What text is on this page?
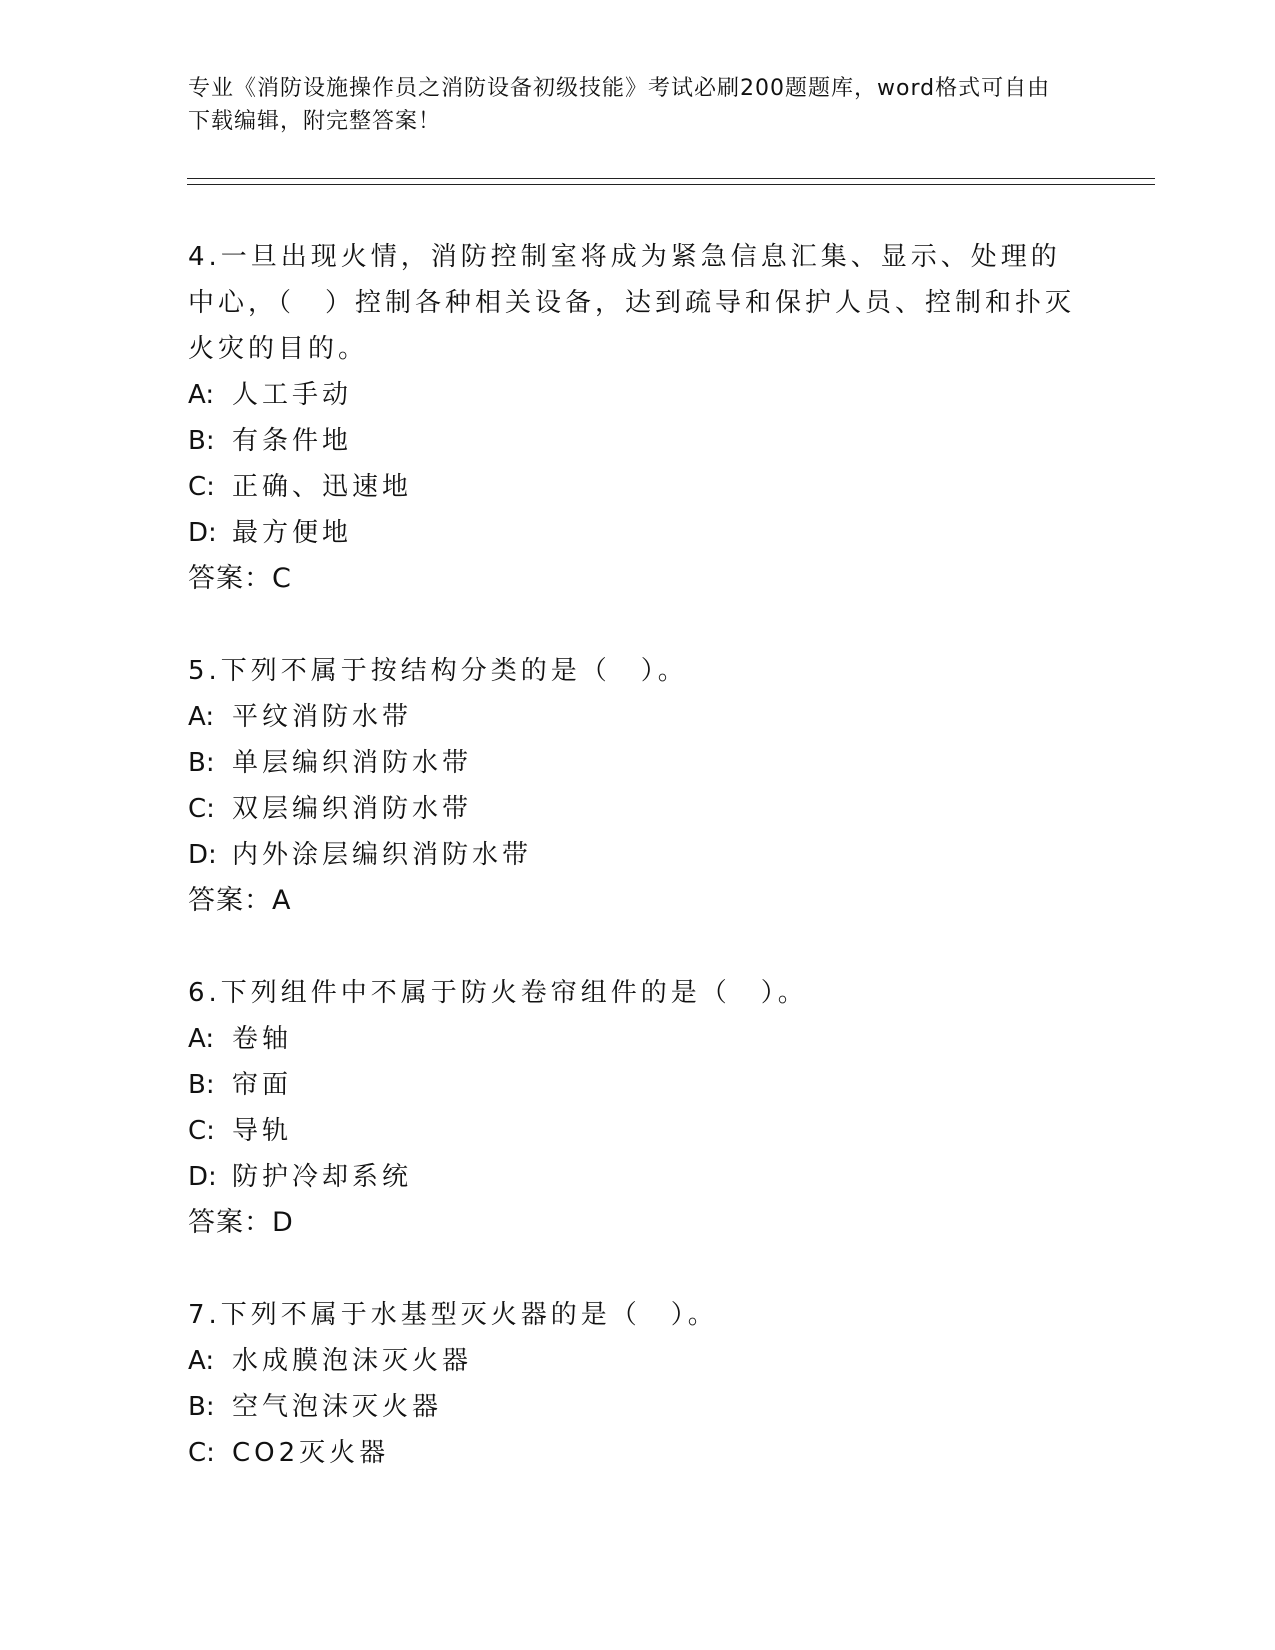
专业《消防设施操作员之消防设备初级技能》考试必刷200题题库，word格式可自由下载编辑，附完整答案！
4.一旦出现火情，消防控制室将成为紧急信息汇集、显示、处理的中心，（　）控制各种相关设备，达到疏导和保护人员、控制和扑灭火灾的目的。
A: 人工手动
B: 有条件地
C: 正确、迅速地
D: 最方便地
答案：C
5.下列不属于按结构分类的是（　）。
A: 平纹消防水带
B: 单层编织消防水带
C: 双层编织消防水带
D: 内外涂层编织消防水带
答案：A
6.下列组件中不属于防火卷帘组件的是（　）。
A: 卷轴
B: 帘面
C: 导轨
D: 防护冷却系统
答案：D
7.下列不属于水基型灭火器的是（　）。
A: 水成膜泡沫灭火器
B: 空气泡沫灭火器
C: CO2灭火器
